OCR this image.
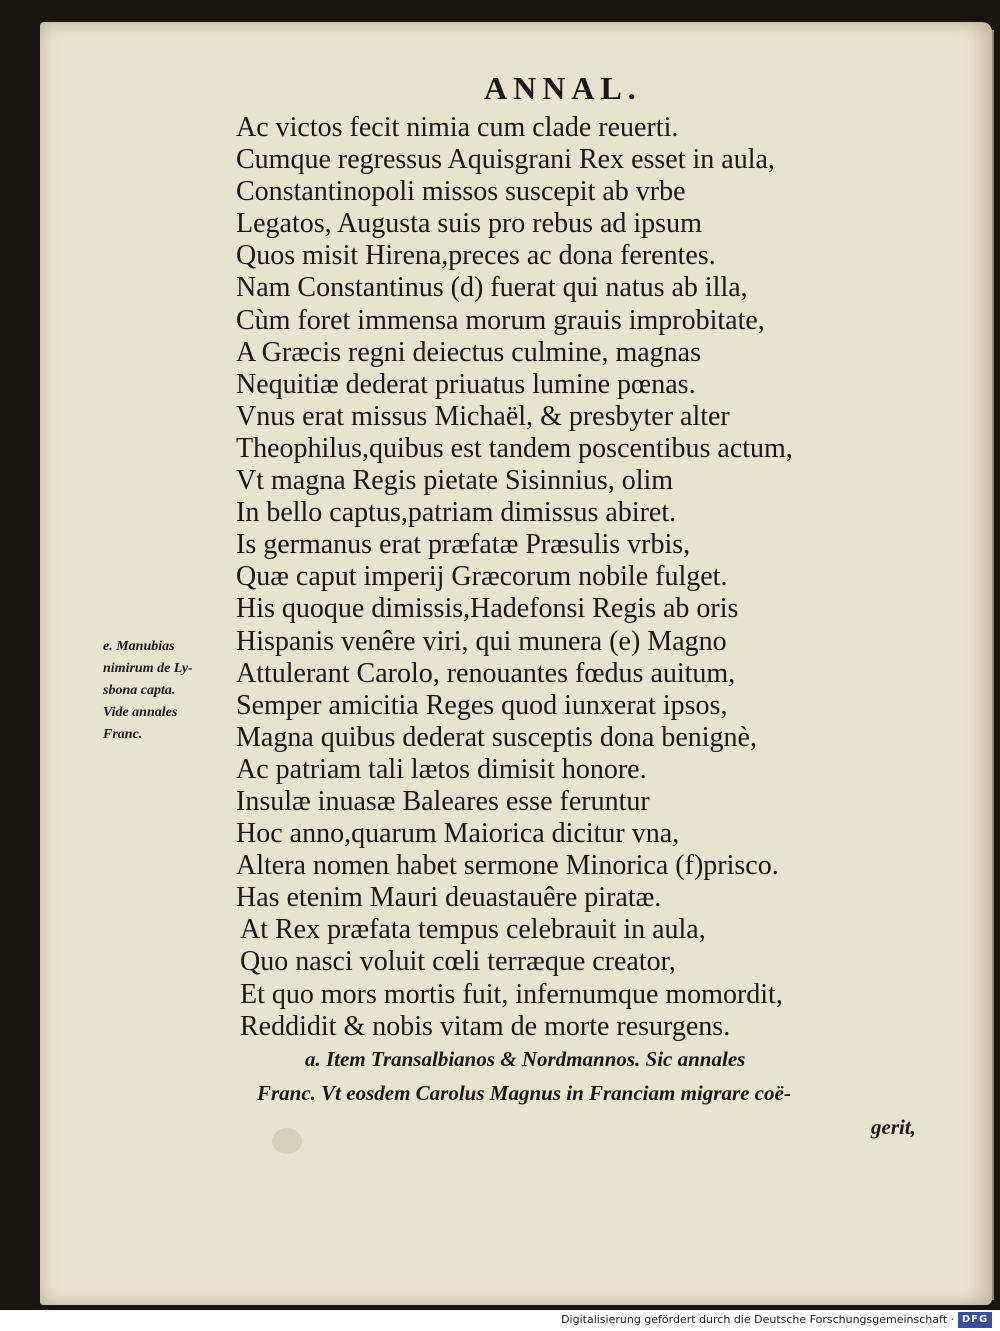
ANNAL.
Ac victos fecit nimia cum clade reuerti.
Cumque regressus Aquisgrani Rex esset in aula,
Constantinopoli missos suscepit ab vrbe
Legatos, Augusta suis pro rebus ad ipsum
Quos misit Hirena,preces ac dona ferentes.
Nam Constantinus (d) fuerat qui natus ab illa,
Cùm foret immensa morum grauis improbitate,
A Græcis regni deiectus culmine, magnas
Nequitiæ dederat priuatus lumine pœnas.
Vnus erat missus Michaël, & presbyter alter
Theophilus,quibus est tandem poscentibus actum,
Vt magna Regis pietate Sisinnius, olim
In bello captus,patriam dimissus abiret.
Is germanus erat præfatæ Præsulis vrbis,
Quæ caput imperij Græcorum nobile fulget.
His quoque dimissis,Hadefonsi Regis ab oris
Hispanis venêre viri, qui munera (e) Magno
Attulerant Carolo, renouantes fœdus auitum,
Semper amicitia Reges quod iunxerat ipsos,
Magna quibus dederat susceptis dona benignè,
Ac patriam tali lætos dimisit honore.
Insulæ inuasæ Baleares esse feruntur
Hoc anno,quarum Maiorica dicitur vna,
Altera nomen habet sermone Minorica (f)prisco.
Has etenim Mauri deuastauêre piratæ.
At Rex præfata tempus celebrauit in aula,
Quo nasci voluit cœli terræque creator,
Et quo mors mortis fuit, infernumque momordit,
Reddidit & nobis vitam de morte resurgens.
e. Manubias
nimirum de Ly-
sbona capta.
Vide annales
Franc.
a. Item Transalbianos & Nordmannos. Sic annales
Franc. Vt eosdem Carolus Magnus in Franciam migrare coë-
gerit,
Digitalisierung gefördert durch die Deutsche Forschungsgemeinschaft · DFG
